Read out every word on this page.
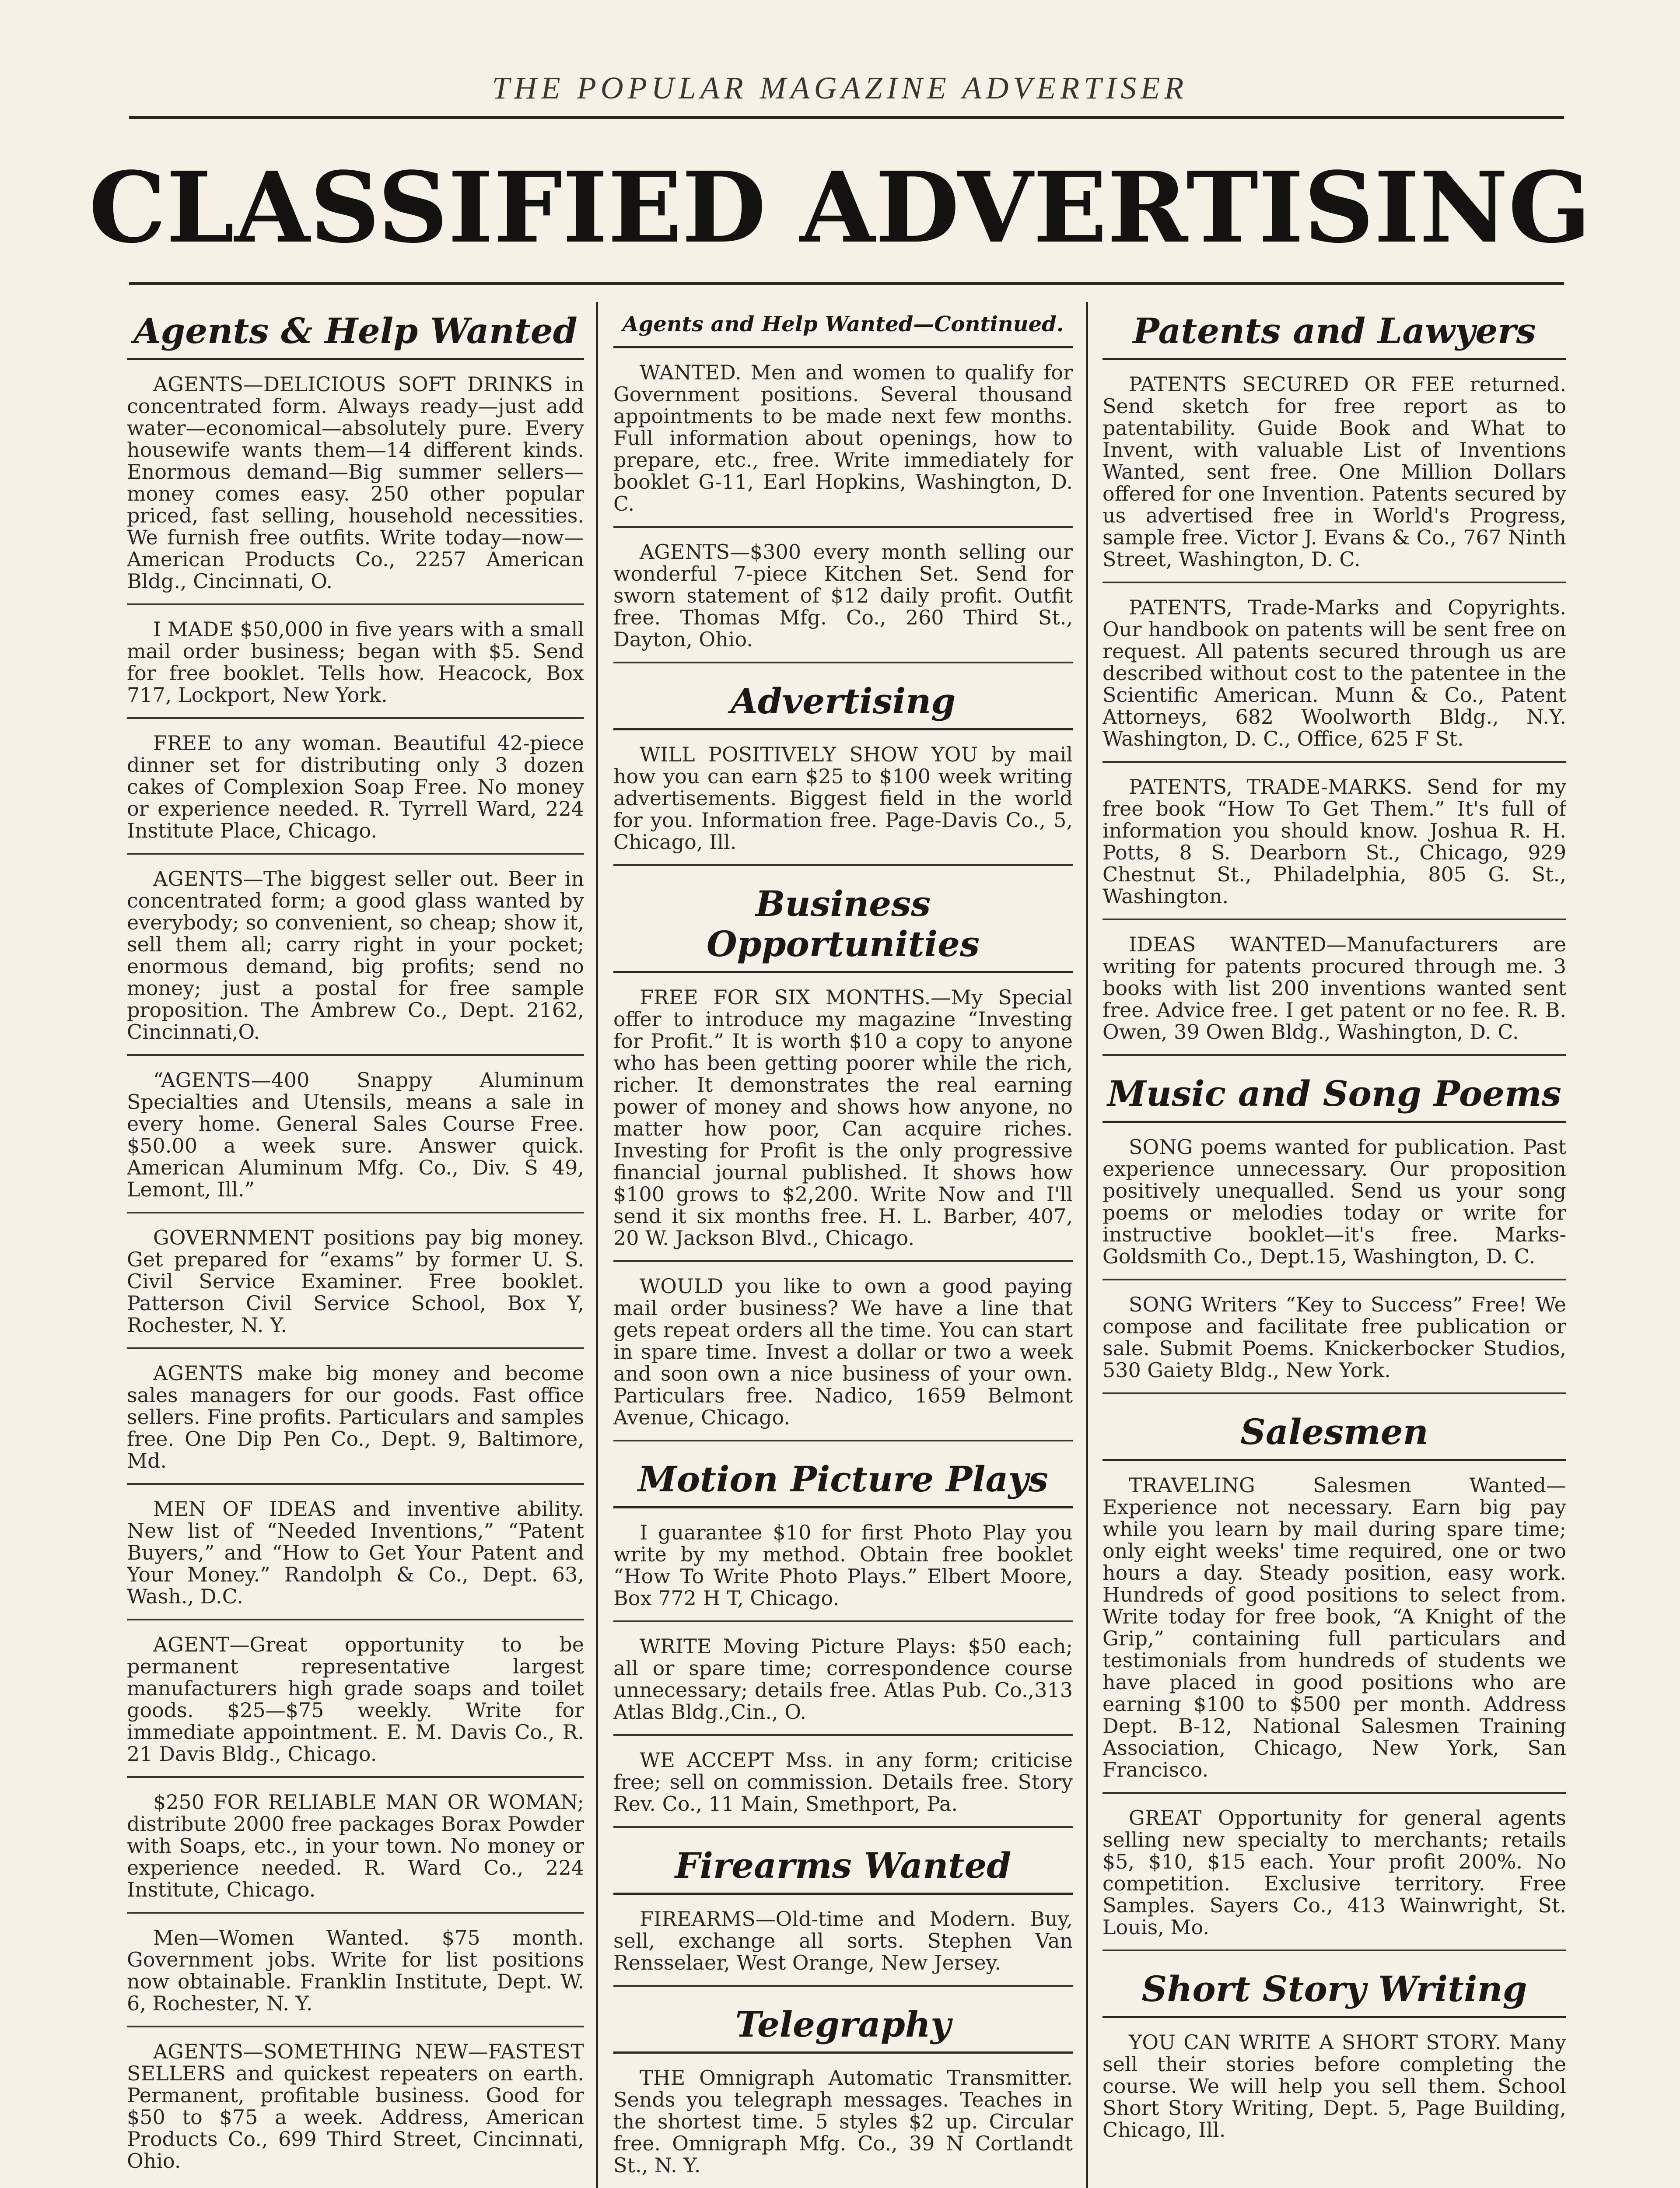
THE POPULAR MAGAZINE ADVERTISER
CLASSIFIED ADVERTISING
Agents & Help Wanted

AGENTS—DELICIOUS SOFT DRINKS in concentrated form. Always ready—just add water—economical—absolutely pure. Every housewife wants them—14 different kinds. Enormous demand—Big summer sellers—money comes easy. 250 other popular priced, fast selling, household necessities. We furnish free outfits. Write today—now—American Products Co., 2257 American Bldg., Cincinnati, O.

I MADE $50,000 in five years with a small mail order business; began with $5. Send for free booklet. Tells how. Heacock, Box 717, Lockport, New York.

FREE to any woman. Beautiful 42-piece dinner set for distributing only 3 dozen cakes of Complexion Soap Free. No money or experience needed. R. Tyrrell Ward, 224 Institute Place, Chicago.

AGENTS—The biggest seller out. Beer in concentrated form; a good glass wanted by everybody; so convenient, so cheap; show it, sell them all; carry right in your pocket; enormous demand, big profits; send no money; just a postal for free sample proposition. The Ambrew Co., Dept. 2162, Cincinnati,O.

“AGENTS—400 Snappy Aluminum Specialties and Utensils, means a sale in every home. General Sales Course Free. $50.00 a week sure. Answer quick. American Aluminum Mfg. Co., Div. S 49, Lemont, Ill.”

GOVERNMENT positions pay big money. Get prepared for “exams” by former U. S. Civil Service Examiner. Free booklet. Patterson Civil Service School, Box Y, Rochester, N. Y.

AGENTS make big money and become sales managers for our goods. Fast office sellers. Fine profits. Particulars and samples free. One Dip Pen Co., Dept. 9, Baltimore, Md.

MEN OF IDEAS and inventive ability. New list of “Needed Inventions,” “Patent Buyers,” and “How to Get Your Patent and Your Money.” Randolph & Co., Dept. 63, Wash., D.C.

AGENT—Great opportunity to be permanent representative largest manufacturers high grade soaps and toilet goods. $25—$75 weekly. Write for immediate appointment. E. M. Davis Co., R. 21 Davis Bldg., Chicago.

$250 FOR RELIABLE MAN OR WOMAN; distribute 2000 free packages Borax Powder with Soaps, etc., in your town. No money or experience needed. R. Ward Co., 224 Institute, Chicago.

Men—Women Wanted. $75 month. Government jobs. Write for list positions now obtainable. Franklin Institute, Dept. W. 6, Rochester, N. Y.

AGENTS—SOMETHING NEW—FASTEST SELLERS and quickest repeaters on earth. Permanent, profitable business. Good for $50 to $75 a week. Address, American Products Co., 699 Third Street, Cincinnati, Ohio.

Agents and Help Wanted—Continued.

WANTED. Men and women to qualify for Government positions. Several thousand appointments to be made next few months. Full information about openings, how to prepare, etc., free. Write immediately for booklet G-11, Earl Hopkins, Washington, D. C.

AGENTS—$300 every month selling our wonderful 7-piece Kitchen Set. Send for sworn statement of $12 daily profit. Outfit free. Thomas Mfg. Co., 260 Third St., Dayton, Ohio.

Advertising

WILL POSITIVELY SHOW YOU by mail how you can earn $25 to $100 week writing advertisements. Biggest field in the world for you. Information free. Page-Davis Co., 5, Chicago, Ill.

Business Opportunities

FREE FOR SIX MONTHS.—My Special offer to introduce my magazine “Investing for Profit.” It is worth $10 a copy to anyone who has been getting poorer while the rich, richer. It demonstrates the real earning power of money and shows how anyone, no matter how poor, Can acquire riches. Investing for Profit is the only progressive financial journal published. It shows how $100 grows to $2,200. Write Now and I'll send it six months free. H. L. Barber, 407, 20 W. Jackson Blvd., Chicago.

WOULD you like to own a good paying mail order business? We have a line that gets repeat orders all the time. You can start in spare time. Invest a dollar or two a week and soon own a nice business of your own. Particulars free. Nadico, 1659 Belmont Avenue, Chicago.

Motion Picture Plays

I guarantee $10 for first Photo Play you write by my method. Obtain free booklet “How To Write Photo Plays.” Elbert Moore, Box 772 H T, Chicago.

WRITE Moving Picture Plays: $50 each; all or spare time; correspondence course unnecessary; details free. Atlas Pub. Co.,313 Atlas Bldg.,Cin., O.

WE ACCEPT Mss. in any form; criticise free; sell on commission. Details free. Story Rev. Co., 11 Main, Smethport, Pa.

Firearms Wanted

FIREARMS—Old-time and Modern. Buy, sell, exchange all sorts. Stephen Van Rensselaer, West Orange, New Jersey.

Telegraphy

THE Omnigraph Automatic Transmitter. Sends you telegraph messages. Teaches in the shortest time. 5 styles $2 up. Circular free. Omnigraph Mfg. Co., 39 N Cortlandt St., N. Y.

Patents and Lawyers

PATENTS SECURED OR FEE returned. Send sketch for free report as to patentability. Guide Book and What to Invent, with valuable List of Inventions Wanted, sent free. One Million Dollars offered for one Invention. Patents secured by us advertised free in World's Progress, sample free. Victor J. Evans & Co., 767 Ninth Street, Washington, D. C.

PATENTS, Trade-Marks and Copyrights. Our handbook on patents will be sent free on request. All patents secured through us are described without cost to the patentee in the Scientific American. Munn & Co., Patent Attorneys, 682 Woolworth Bldg., N.Y. Washington, D. C., Office, 625 F St.

PATENTS, TRADE-MARKS. Send for my free book “How To Get Them.” It's full of information you should know. Joshua R. H. Potts, 8 S. Dearborn St., Chicago, 929 Chestnut St., Philadelphia, 805 G. St., Washington.

IDEAS WANTED—Manufacturers are writing for patents procured through me. 3 books with list 200 inventions wanted sent free. Advice free. I get patent or no fee. R. B. Owen, 39 Owen Bldg., Washington, D. C.

Music and Song Poems

SONG poems wanted for publication. Past experience unnecessary. Our proposition positively unequalled. Send us your song poems or melodies today or write for instructive booklet—it's free. Marks-Goldsmith Co., Dept.15, Washington, D. C.

SONG Writers “Key to Success” Free! We compose and facilitate free publication or sale. Submit Poems. Knickerbocker Studios, 530 Gaiety Bldg., New York.

Salesmen

TRAVELING Salesmen Wanted—Experience not necessary. Earn big pay while you learn by mail during spare time; only eight weeks' time required, one or two hours a day. Steady position, easy work. Hundreds of good positions to select from. Write today for free book, “A Knight of the Grip,” containing full particulars and testimonials from hundreds of students we have placed in good positions who are earning $100 to $500 per month. Address Dept. B-12, National Salesmen Training Association, Chicago, New York, San Francisco.

GREAT Opportunity for general agents selling new specialty to merchants; retails $5, $10, $15 each. Your profit 200%. No competition. Exclusive territory. Free Samples. Sayers Co., 413 Wainwright, St. Louis, Mo.

Short Story Writing

YOU CAN WRITE A SHORT STORY. Many sell their stories before completing the course. We will help you sell them. School Short Story Writing, Dept. 5, Page Building, Chicago, Ill.
